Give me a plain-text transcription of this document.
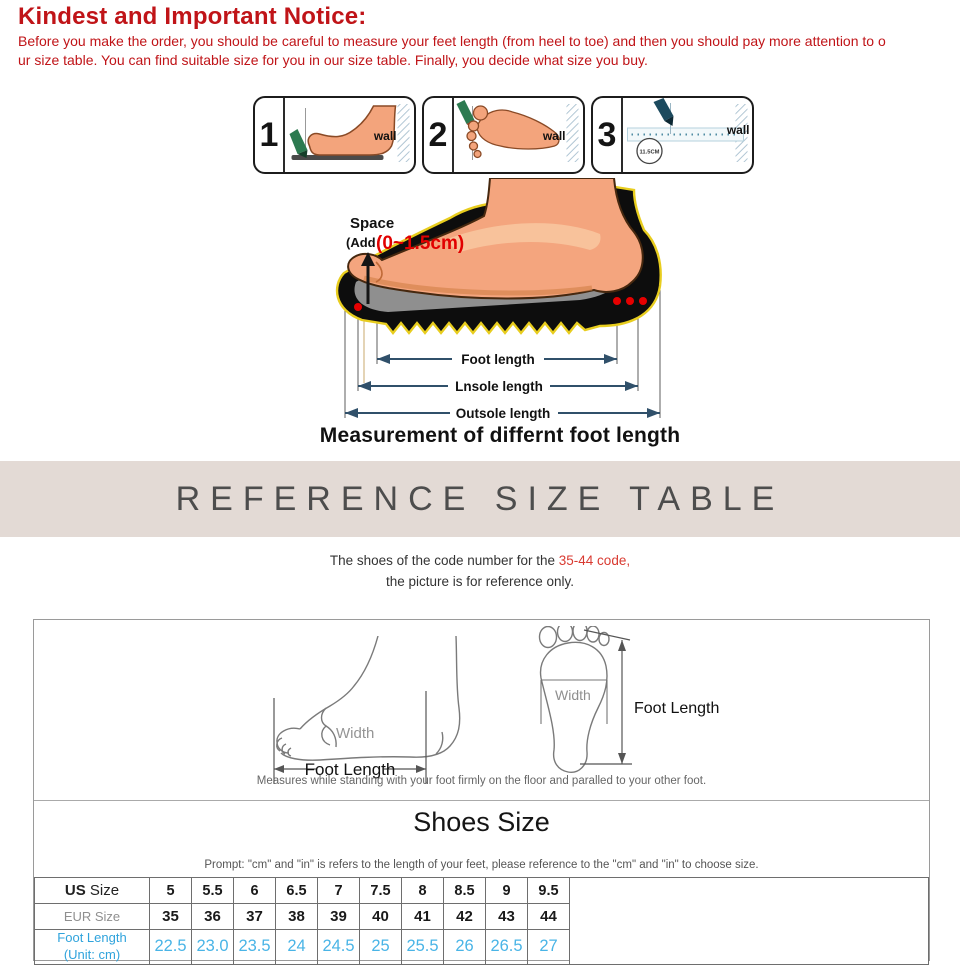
Kindest and Important Notice:
Before you make the order, you should be careful to measure your feet length (from heel to toe) and then you should pay more attention to o
ur size table. You can find suitable size for you in our size table. Finally, you decide what size you buy.
1	wall 2	wall 3	11.5CM
wall
Space
(Add (0~1.5cm)
Foot length
Lnsole length
Outsole length
Measurement of differnt foot length
REFERENCE SIZE TABLE
The shoes of the code number for the 35-44 code,
the picture is for reference only.
Width
Foot Length
Width
Foot Length
Measures while standing with your foot firmly on the floor and paralled to your other foot.
Shoes Size
Prompt: "cm" and "in" is refers to the length of your feet, please reference to the "cm" and "in" to choose size.
US Size	5	5.5	6	6.5	7	7.5	8	8.5	9	9.5	
EUR Size	35	36	37	38	39	40	41	42	43	44	

Foot Length
(Unit: cm)	22.5	23.0	23.5	24	24.5	25	25.5	26	26.5	27	
